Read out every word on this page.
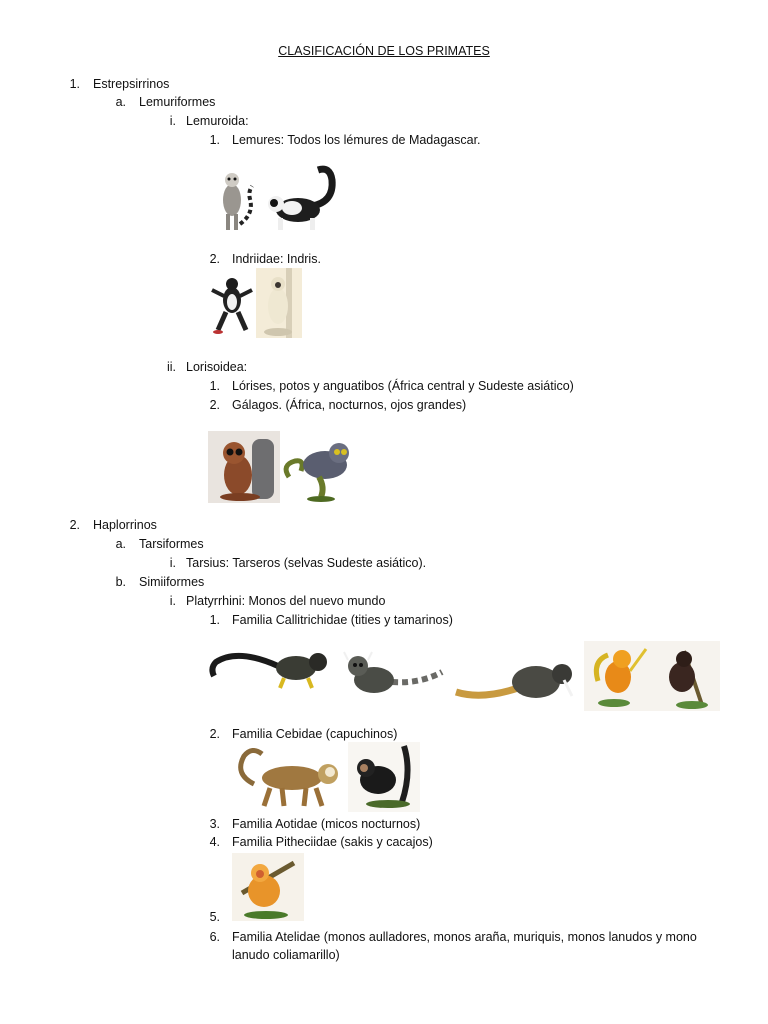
CLASIFICACIÓN DE LOS PRIMATES
1. Estrepsirrinos
a. Lemuriformes
i. Lemuroida:
1. Lemures: Todos los lémures de Madagascar.
2. Indriidae: Indris.
ii. Lorisoidea:
1. Lórises, potos y anguatibos (África central y Sudeste asiático)
2. Gálagos. (África, nocturnos, ojos grandes)
2. Haplorrinos
a. Tarsiformes
i. Tarsius: Tarseros (selvas Sudeste asiático).
b. Simiiformes
i. Platyrrhini: Monos del nuevo mundo
1. Familia Callitrichidae (tities y tamarinos)
2. Familia Cebidae (capuchinos)
3. Familia Aotidae (micos nocturnos)
4. Familia Pitheciidae (sakis y cacajos)
5.
6. Familia Atelidae (monos aulladores, monos araña, muriquis, monos lanudos y mono
lanudo coliamarillo)
